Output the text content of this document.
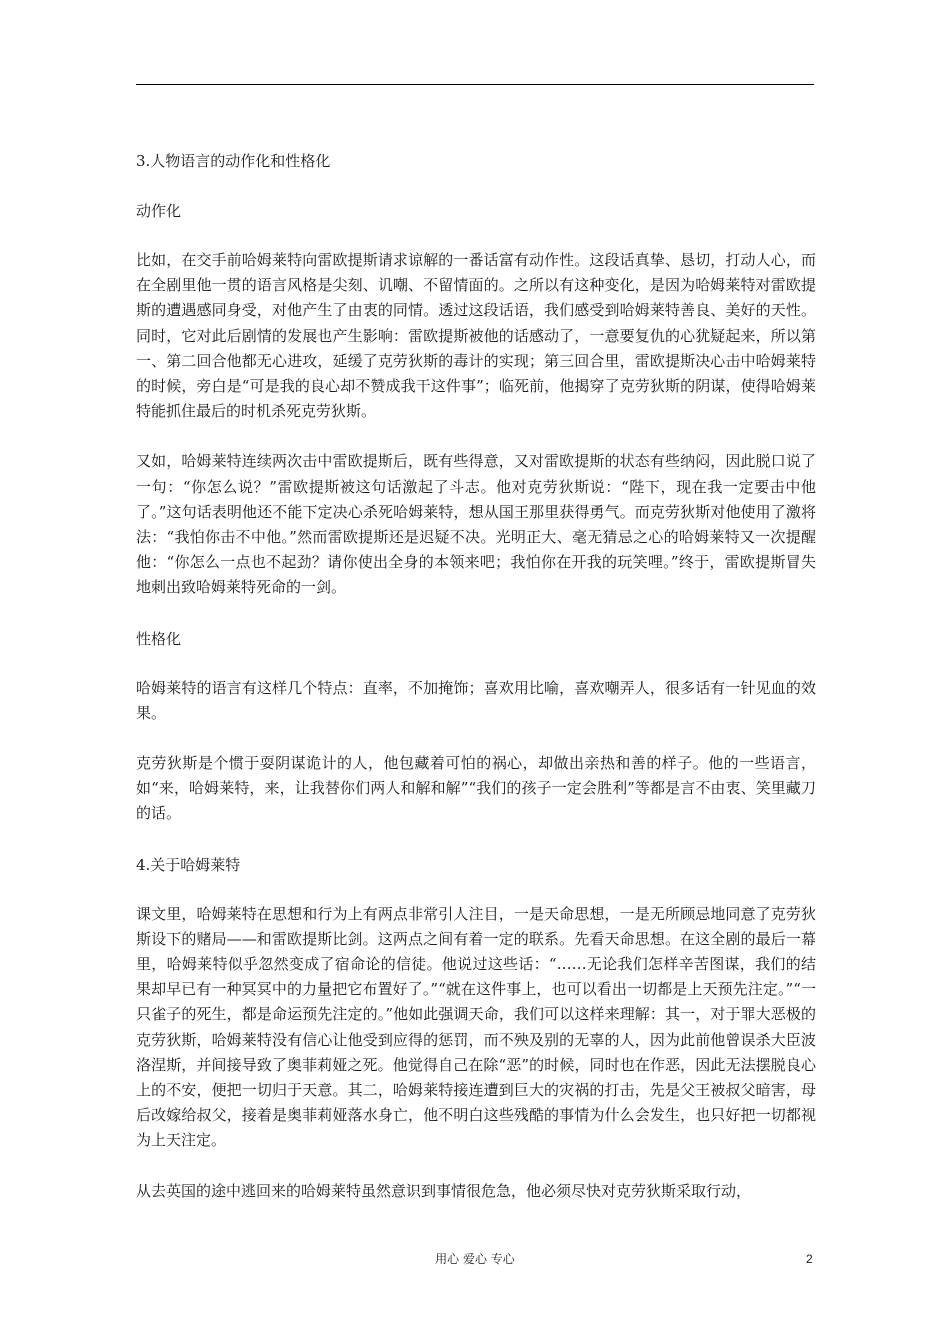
3.人物语言的动作化和性格化
动作化

比如，在交手前哈姆莱特向雷欧提斯请求谅解的一番话富有动作性。这段话真挚、恳切，打动人心，而在全剧里他一贯的语言风格是尖刻、讥嘲、不留情面的。之所以有这种变化，是因为哈姆莱特对雷欧提斯的遭遇感同身受，对他产生了由衷的同情。透过这段话语，我们感受到哈姆莱特善良、美好的天性。同时，它对此后剧情的发展也产生影响：雷欧提斯被他的话感动了，一意要复仇的心犹疑起来，所以第一、第二回合他都无心进攻，延缓了克劳狄斯的毒计的实现；第三回合里，雷欧提斯决心击中哈姆莱特的时候，旁白是“可是我的良心却不赞成我干这件事”；临死前，他揭穿了克劳狄斯的阴谋，使得哈姆莱特能抓住最后的时机杀死克劳狄斯。

又如，哈姆莱特连续两次击中雷欧提斯后，既有些得意，又对雷欧提斯的状态有些纳闷，因此脱口说了一句：“你怎么说？”雷欧提斯被这句话激起了斗志。他对克劳狄斯说：“陛下，现在我一定要击中他了。”这句话表明他还不能下定决心杀死哈姆莱特，想从国王那里获得勇气。而克劳狄斯对他使用了激将法：“我怕你击不中他。”然而雷欧提斯还是迟疑不决。光明正大、毫无猜忌之心的哈姆莱特又一次提醒他：“你怎么一点也不起劲？请你使出全身的本领来吧；我怕你在开我的玩笑哩。”终于，雷欧提斯冒失地刺出致哈姆莱特死命的一剑。

性格化

哈姆莱特的语言有这样几个特点：直率，不加掩饰；喜欢用比喻，喜欢嘲弄人，很多话有一针见血的效果。

克劳狄斯是个惯于耍阴谋诡计的人，他包藏着可怕的祸心，却做出亲热和善的样子。他的一些语言，如“来，哈姆莱特，来，让我替你们两人和解和解”“我们的孩子一定会胜利”等都是言不由衷、笑里藏刀的话。

4.关于哈姆莱特

课文里，哈姆莱特在思想和行为上有两点非常引人注目，一是天命思想，一是无所顾忌地同意了克劳狄斯设下的赌局——和雷欧提斯比剑。这两点之间有着一定的联系。先看天命思想。在这全剧的最后一幕里，哈姆莱特似乎忽然变成了宿命论的信徒。他说过这些话：“……无论我们怎样辛苦图谋，我们的结果却早已有一种冥冥中的力量把它布置好了。”“就在这件事上，也可以看出一切都是上天预先注定。”“一只雀子的死生，都是命运预先注定的。”他如此强调天命，我们可以这样来理解：其一，对于罪大恶极的克劳狄斯，哈姆莱特没有信心让他受到应得的惩罚，而不殃及别的无辜的人，因为此前他曾误杀大臣波洛涅斯，并间接导致了奥菲莉娅之死。他觉得自己在除“恶”的时候，同时也在作恶，因此无法摆脱良心上的不安，便把一切归于天意。其二，哈姆莱特接连遭到巨大的灾祸的打击，先是父王被叔父暗害，母后改嫁给叔父，接着是奥菲莉娅落水身亡，他不明白这些残酷的事情为什么会发生，也只好把一切都视为上天注定。

从去英国的途中逃回来的哈姆莱特虽然意识到事情很危急，他必须尽快对克劳狄斯采取行动，

用心 爱心 专心	2
